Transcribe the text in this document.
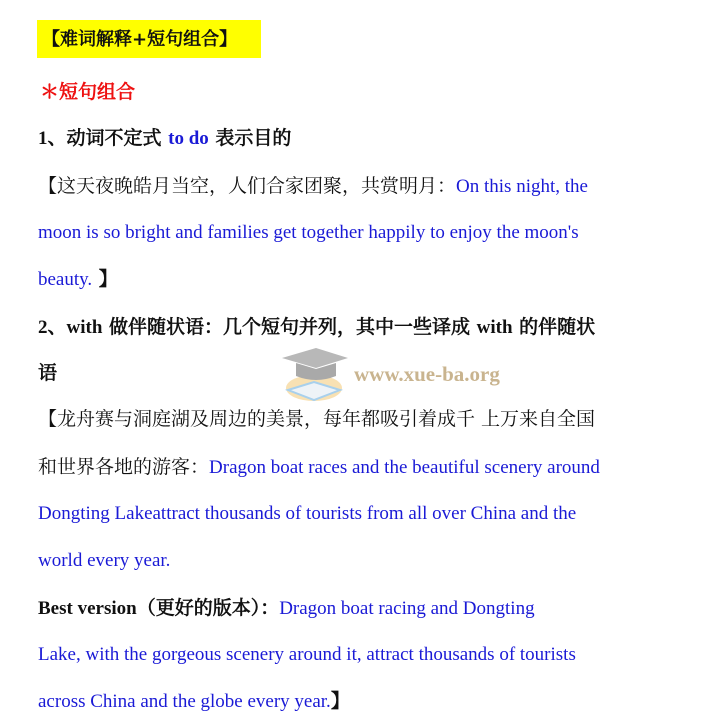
【难词解释+短句组合】
＊短句组合
1、动词不定式 to do 表示目的
【这天夜晚皓月当空，人们合家团聚，共赏明月：On this night, the
moon is so bright and families get together happily to enjoy the moon's
beauty. 】
2、with 做伴随状语：几个短句并列，其中一些译成 with 的伴随状
语	www.xue-ba.org
【龙舟赛与洞庭湖及周边的美景，每年都吸引着成千 上万来自全国
和世界各地的游客：Dragon boat races and the beautiful scenery around
Dongting Lakeattract thousands of tourists from all over China and the
world every year.
Best version（更好的版本）：Dragon boat racing and Dongting
Lake, with the gorgeous scenery around it, attract thousands of tourists
across China and the globe every year.】
